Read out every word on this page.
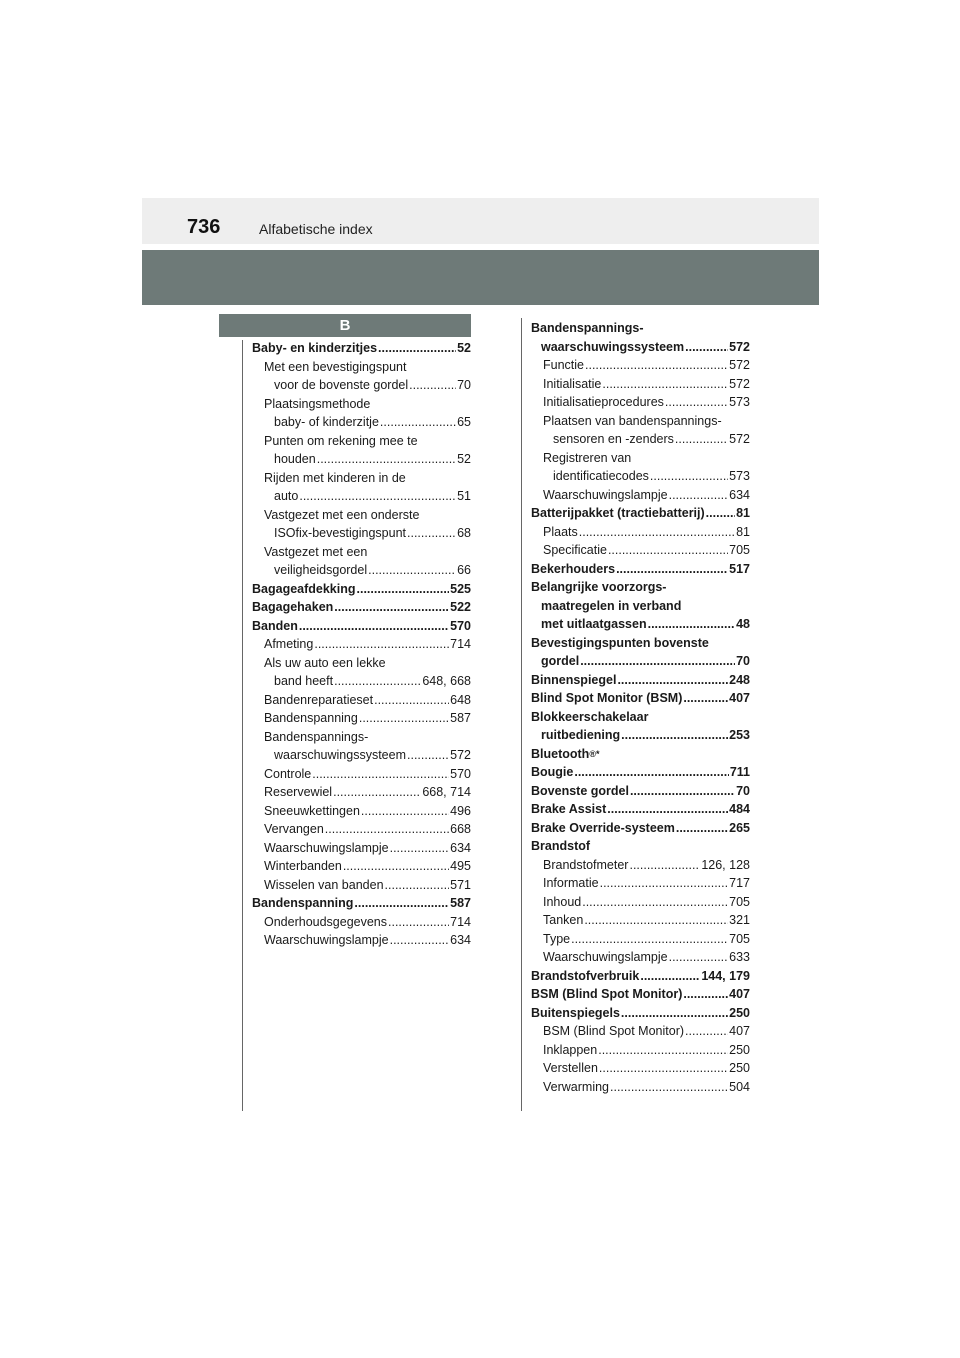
736	Alfabetische index
B
Baby- en kinderzitjes .....	52
Met een bevestigingspunt
voor de bovenste gordel .....	70
Plaatsingsmethode
baby- of kinderzitje .....	65
Punten om rekening mee te
houden .....	52
Rijden met kinderen in de
auto .....	51
Vastgezet met een onderste
ISOfix-bevestigingspunt .....	68
Vastgezet met een
veiligheidsgordel .....	66
Bagageafdekking .....	525
Bagagehaken .....	522
Banden .....	570
Afmeting .....	714
Als uw auto een lekke
band heeft .....	648, 668
Bandenreparatieset .....	648
Bandenspanning .....	587
Bandenspannings-
waarschuwingssysteem .....	572
Controle .....	570
Reservewiel .....	668, 714
Sneeuwkettingen .....	496
Vervangen .....	668
Waarschuwingslampje .....	634
Winterbanden .....	495
Wisselen van banden .....	571
Bandenspanning .....	587
Onderhoudsgegevens .....	714
Waarschuwingslampje .....	634
Bandenspannings-
waarschuwingssysteem .....	572
Functie .....	572
Initialisatie .....	572
Initialisatieprocedures .....	573
Plaatsen van bandenspannings-
sensoren en -zenders .....	572
Registreren van
identificatiecodes .....	573
Waarschuwingslampje .....	634
Batterijpakket (tractiebatterij) .....	81
Plaats .....	81
Specificatie .....	705
Bekerhouders .....	517
Belangrijke voorzorgs-
maatregelen in verband
met uitlaatgassen .....	48
Bevestigingspunten bovenste
gordel .....	70
Binnenspiegel .....	248
Blind Spot Monitor (BSM) .....	407
Blokkeerschakelaar
ruitbediening .....	253
Bluetooth ®*
Bougie .....	711
Bovenste gordel .....	70
Brake Assist .....	484
Brake Override-systeem .....	265
Brandstof
Brandstofmeter .....	126, 128
Informatie .....	717
Inhoud .....	705
Tanken .....	321
Type .....	705
Waarschuwingslampje .....	633
Brandstofverbruik .....	144, 179
BSM (Blind Spot Monitor) .....	407
Buitenspiegels .....	250
BSM (Blind Spot Monitor) .....	407
Inklappen .....	250
Verstellen .....	250
Verwarming .....	504
